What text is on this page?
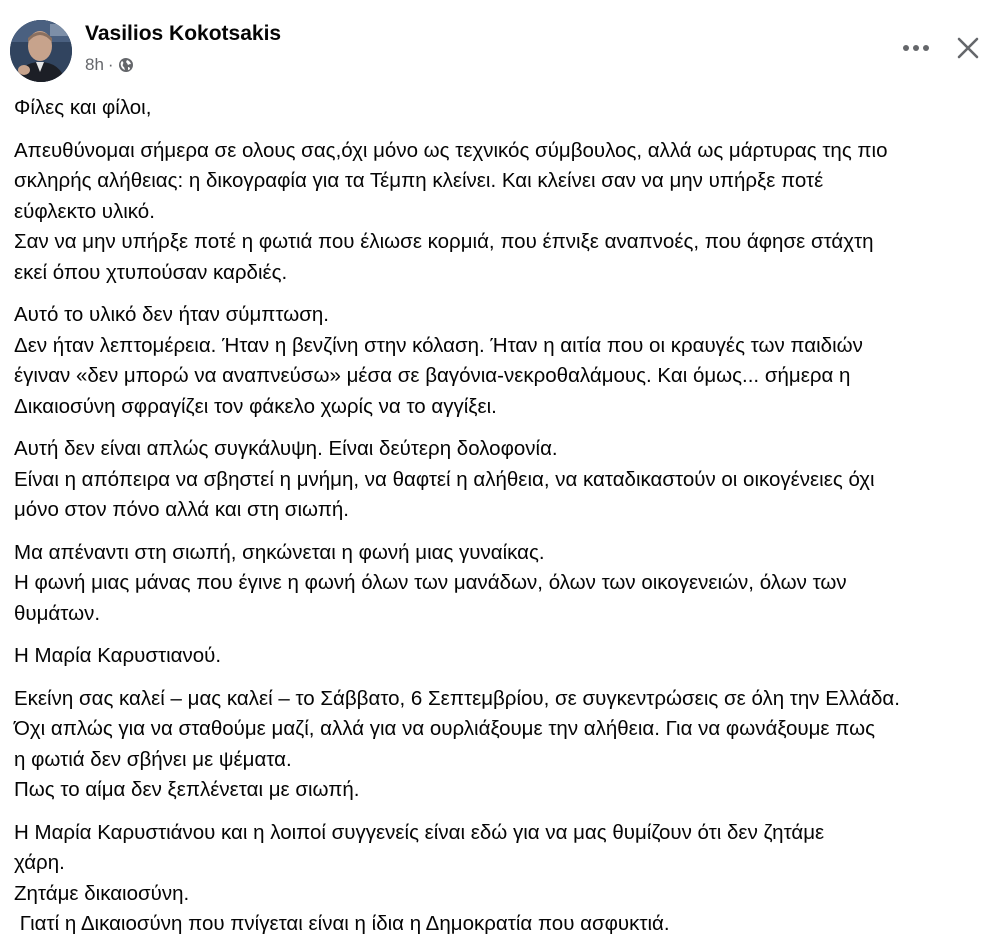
Vasilios Kokotsakis
8h ·
Φίλες και φίλοι,
Απευθύνομαι σήμερα σε ολους σας,όχι μόνο ως τεχνικός σύμβουλος, αλλά ως μάρτυρας της πιο
σκληρής αλήθειας: η δικογραφία για τα Τέμπη κλείνει. Και κλείνει σαν να μην υπήρξε ποτέ
εύφλεκτο υλικό.
Σαν να μην υπήρξε ποτέ η φωτιά που έλιωσε κορμιά, που έπνιξε αναπνοές, που άφησε στάχτη
εκεί όπου χτυπούσαν καρδιές.
Αυτό το υλικό δεν ήταν σύμπτωση.
Δεν ήταν λεπτομέρεια. Ήταν η βενζίνη στην κόλαση. Ήταν η αιτία που οι κραυγές των παιδιών
έγιναν «δεν μπορώ να αναπνεύσω» μέσα σε βαγόνια-νεκροθαλάμους. Και όμως... σήμερα η
Δικαιοσύνη σφραγίζει τον φάκελο χωρίς να το αγγίξει.
Αυτή δεν είναι απλώς συγκάλυψη. Είναι δεύτερη δολοφονία.
Είναι η απόπειρα να σβηστεί η μνήμη, να θαφτεί η αλήθεια, να καταδικαστούν οι οικογένειες όχι
μόνο στον πόνο αλλά και στη σιωπή.
Μα απέναντι στη σιωπή, σηκώνεται η φωνή μιας γυναίκας.
Η φωνή μιας μάνας που έγινε η φωνή όλων των μανάδων, όλων των οικογενειών, όλων των
θυμάτων.
Η Μαρία Καρυστιανού.
Εκείνη σας καλεί – μας καλεί – το Σάββατο, 6 Σεπτεμβρίου, σε συγκεντρώσεις σε όλη την Ελλάδα.
Όχι απλώς για να σταθούμε μαζί, αλλά για να ουρλιάξουμε την αλήθεια. Για να φωνάξουμε πως
η φωτιά δεν σβήνει με ψέματα.
Πως το αίμα δεν ξεπλένεται με σιωπή.
Η Μαρία Καρυστιάνου και η λοιποί συγγενείς είναι εδώ για να μας θυμίζουν ότι δεν ζητάμε
χάρη.
Ζητάμε δικαιοσύνη.
Γιατί η Δικαιοσύνη που πνίγεται είναι η ίδια η Δημοκρατία που ασφυκτιά.
